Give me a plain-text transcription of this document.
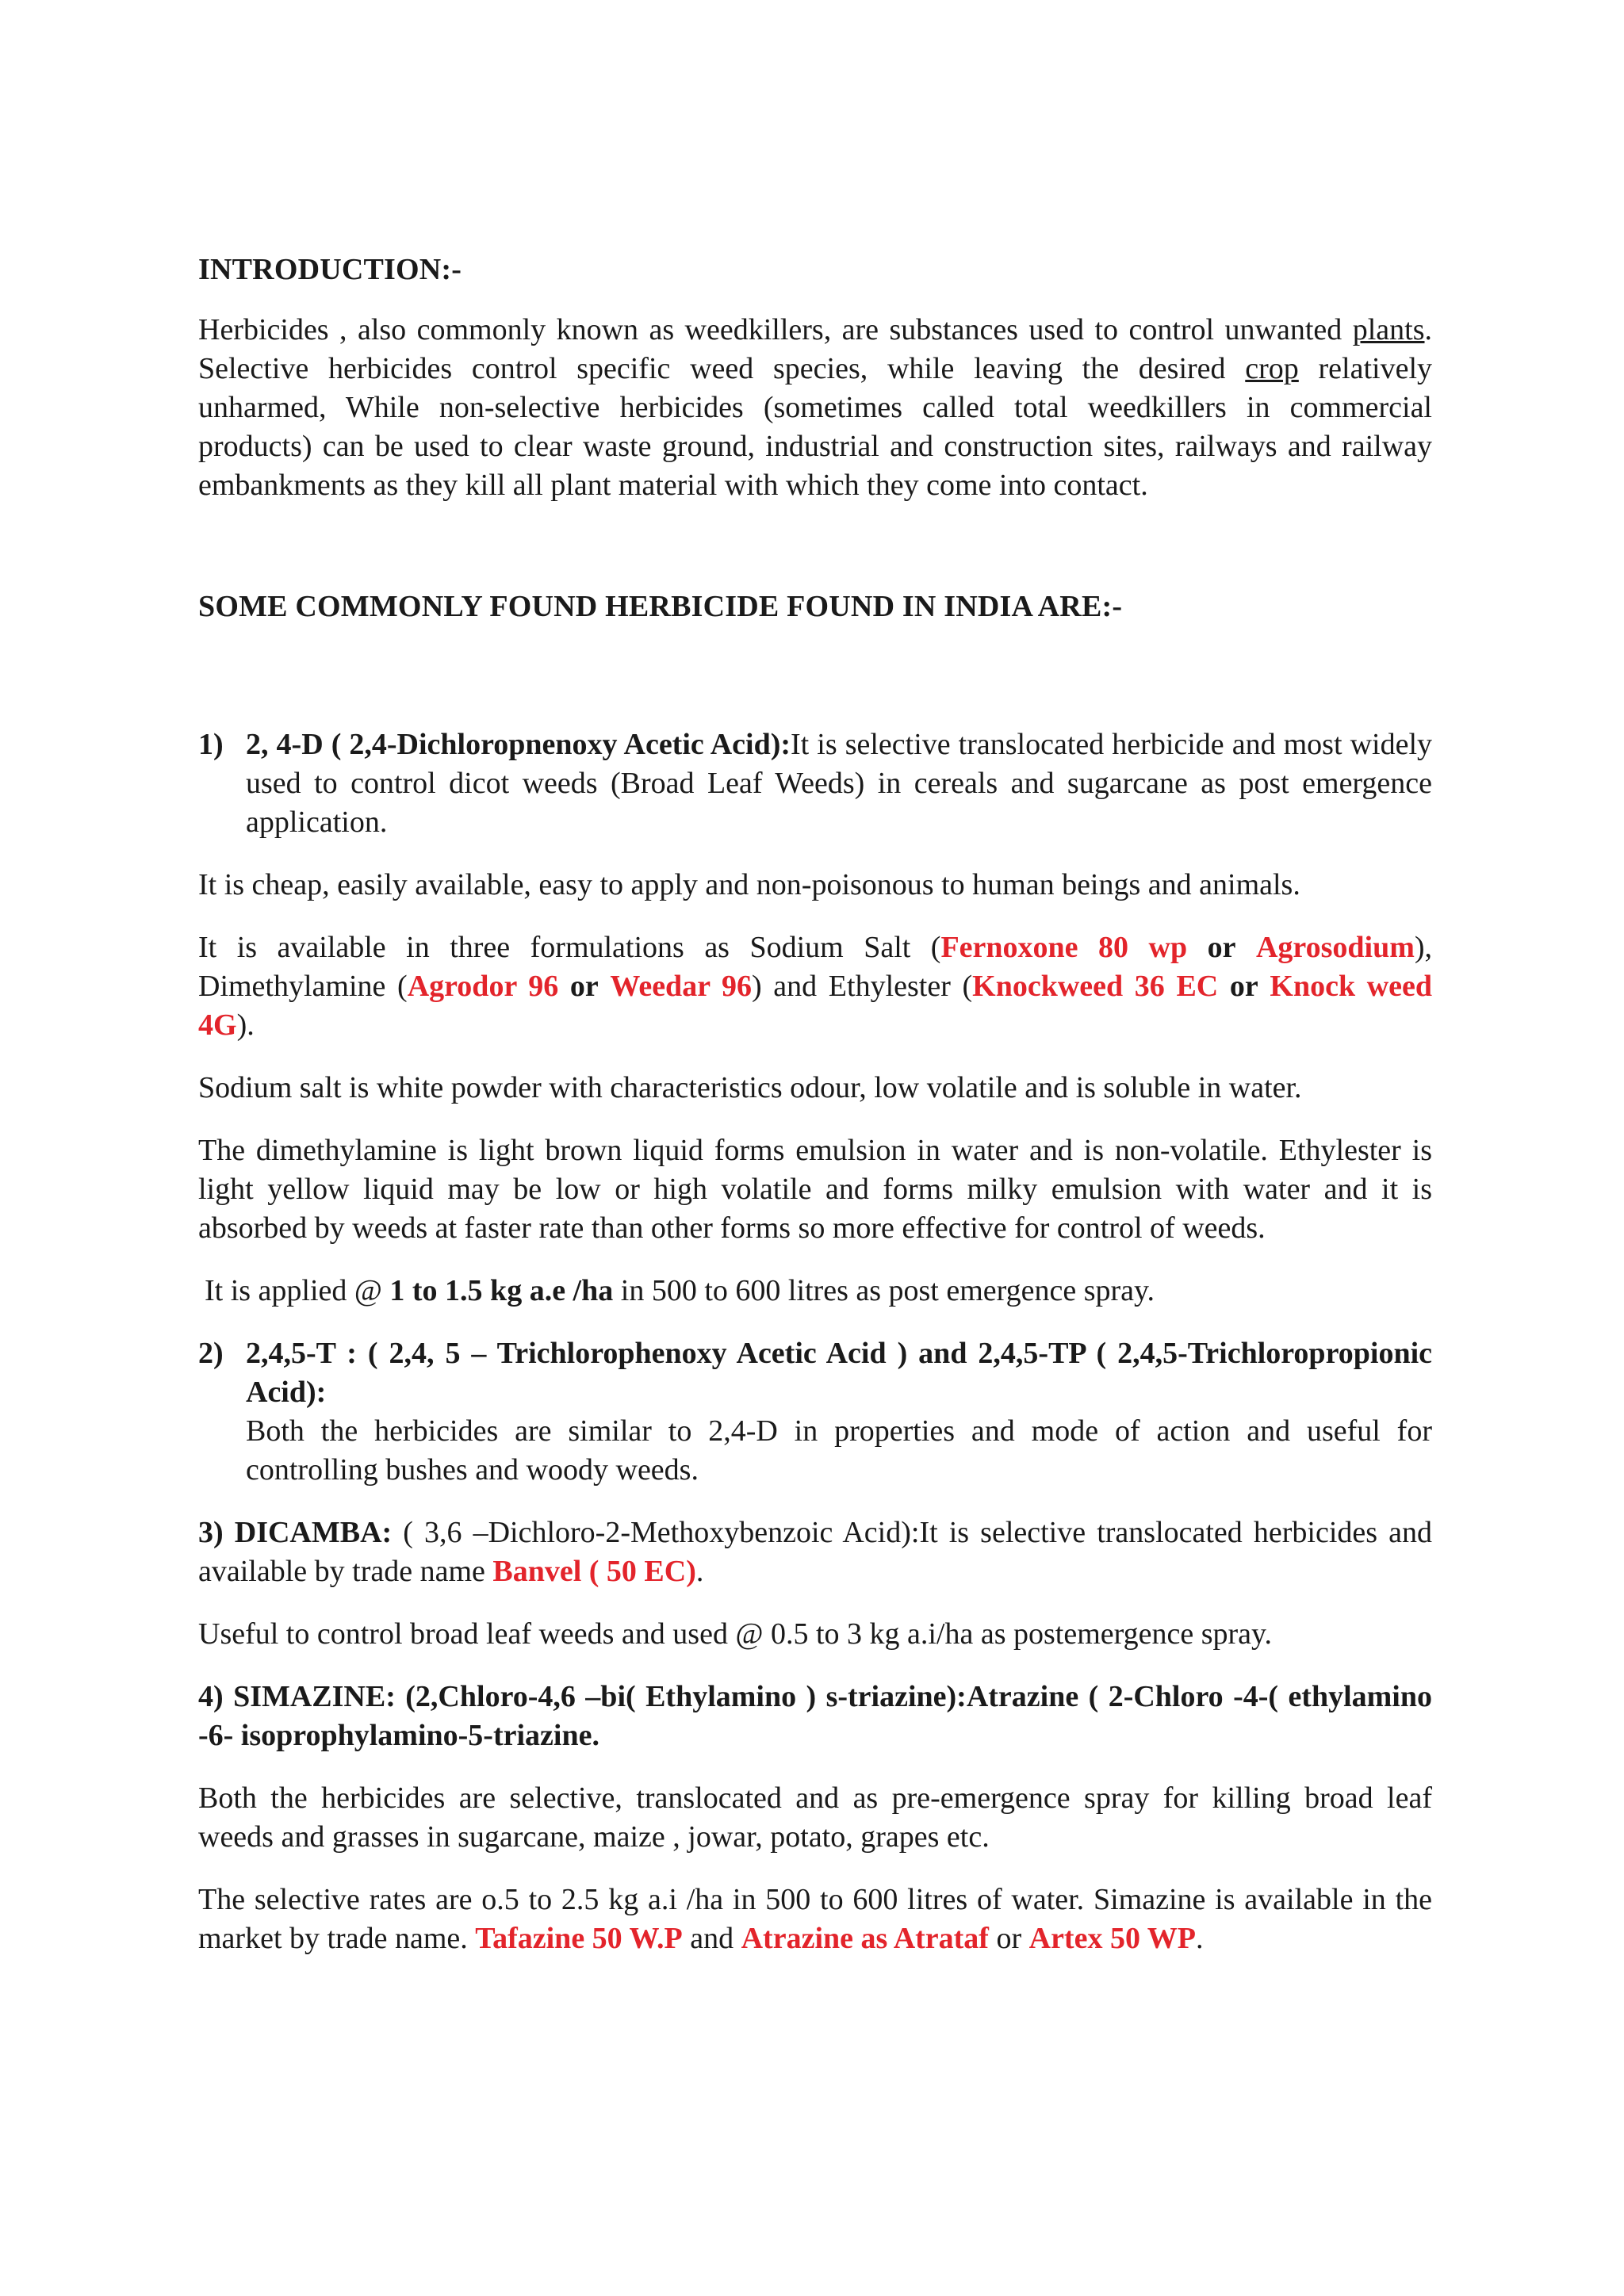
INTRODUCTION:-

Herbicides , also commonly known as weedkillers, are substances used to control unwanted plants. Selective herbicides control specific weed species, while leaving the desired crop relatively unharmed, While non-selective herbicides (sometimes called total weedkillers in commercial products) can be used to clear waste ground, industrial and construction sites, railways and railway embankments as they kill all plant material with which they come into contact.

SOME COMMONLY FOUND HERBICIDE FOUND IN INDIA ARE:-
1) 2, 4-D ( 2,4-Dichloropnenoxy Acetic Acid):It is selective translocated herbicide and most widely used to control dicot weeds (Broad Leaf Weeds) in cereals and sugarcane as post emergence application.

It is cheap, easily available, easy to apply and non-poisonous to human beings and animals.

It is available in three formulations as Sodium Salt (Fernoxone 80 wp or Agrosodium), Dimethylamine (Agrodor 96 or Weedar 96) and Ethylester (Knockweed 36 EC or Knock weed 4G).

Sodium salt is white powder with characteristics odour, low volatile and is soluble in water.

The dimethylamine is light brown liquid forms emulsion in water and is non-volatile. Ethylester is light yellow liquid may be low or high volatile and forms milky emulsion with water and it is absorbed by weeds at faster rate than other forms so more effective for control of weeds.

It is applied @ 1 to 1.5 kg a.e /ha in 500 to 600 litres as post emergence spray.

2) 2,4,5-T : ( 2,4, 5 – Trichlorophenoxy Acetic Acid ) and 2,4,5-TP ( 2,4,5-Trichloropropionic Acid):

Both the herbicides are similar to 2,4-D in properties and mode of action and useful for controlling bushes and woody weeds.

3) DICAMBA: ( 3,6 –Dichloro-2-Methoxybenzoic Acid):It is selective translocated herbicides and available by trade name Banvel ( 50 EC).

Useful to control broad leaf weeds and used @ 0.5 to 3 kg a.i/ha as postemergence spray.

4) SIMAZINE: (2,Chloro-4,6 –bi( Ethylamino ) s-triazine):Atrazine ( 2-Chloro -4-( ethylamino -6- isoprophylamino-5-triazine.

Both the herbicides are selective, translocated and as pre-emergence spray for killing broad leaf weeds and grasses in sugarcane, maize , jowar, potato, grapes etc.

The selective rates are o.5 to 2.5 kg a.i /ha in 500 to 600 litres of water. Simazine is available in the market by trade name. Tafazine 50 W.P and Atrazine as Atrataf or Artex 50 WP.
